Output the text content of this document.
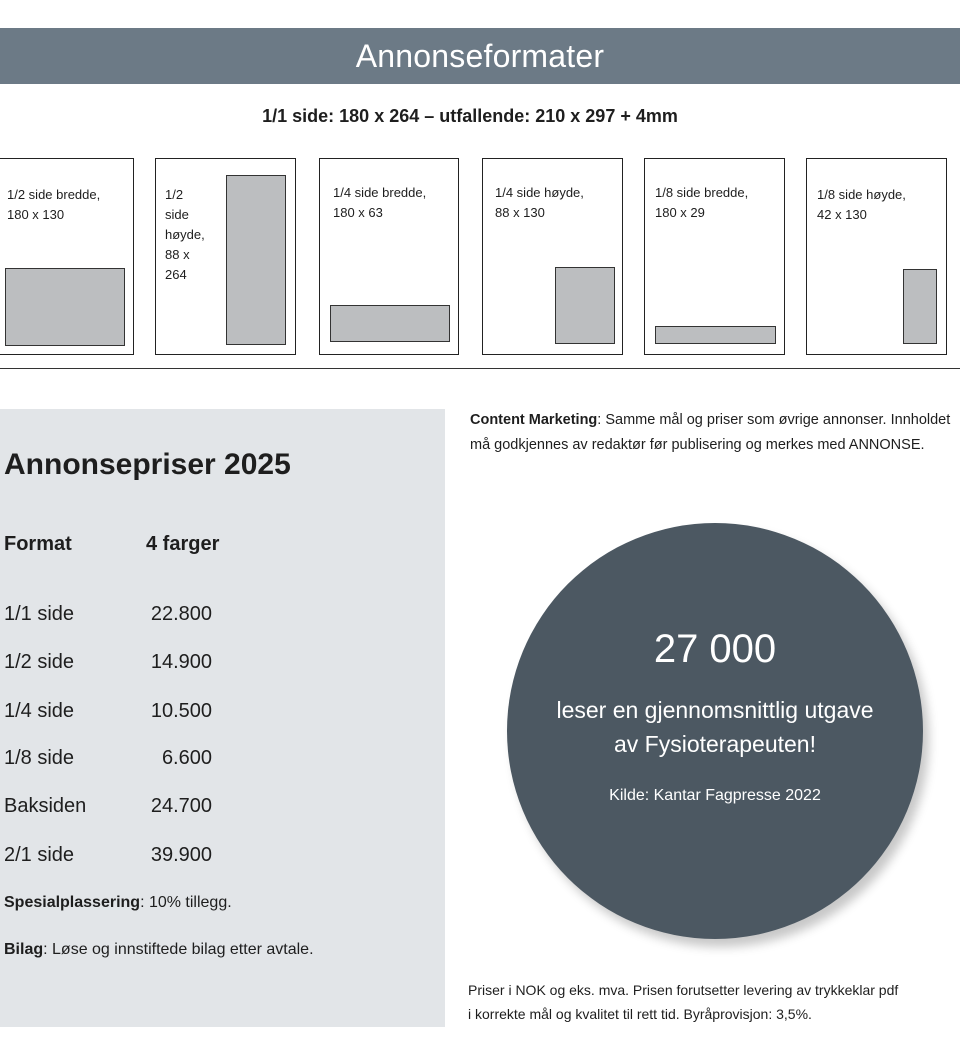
Annonseformater
1/1 side: 180 x 264 – utfallende: 210 x 297 + 4mm
1/2 side bredde,
180 x 130
1/2
side
høyde,
88 x
264
1/4 side bredde,
180 x 63
1/4 side høyde,
88 x 130
1/8 side bredde,
180 x 29
1/8 side høyde,
42 x 130
Annonsepriser 2025
Format	4 farger
1/1 side	22.800
1/2 side	14.900
1/4 side	10.500
1/8 side	6.600
Baksiden	24.700
2/1 side	39.900
Spesialplassering: 10% tillegg.
Bilag: Løse og innstiftede bilag etter avtale.
Content Marketing: Samme mål og priser som øvrige annonser. Innholdet må godkjennes av redaktør før publisering og merkes med ANNONSE.
27 000
leser en gjennomsnittlig utgave
av Fysioterapeuten!
Kilde: Kantar Fagpresse 2022
Priser i NOK og eks. mva. Prisen forutsetter levering av trykkeklar pdf
i korrekte mål og kvalitet til rett tid. Byråprovisjon: 3,5%.
